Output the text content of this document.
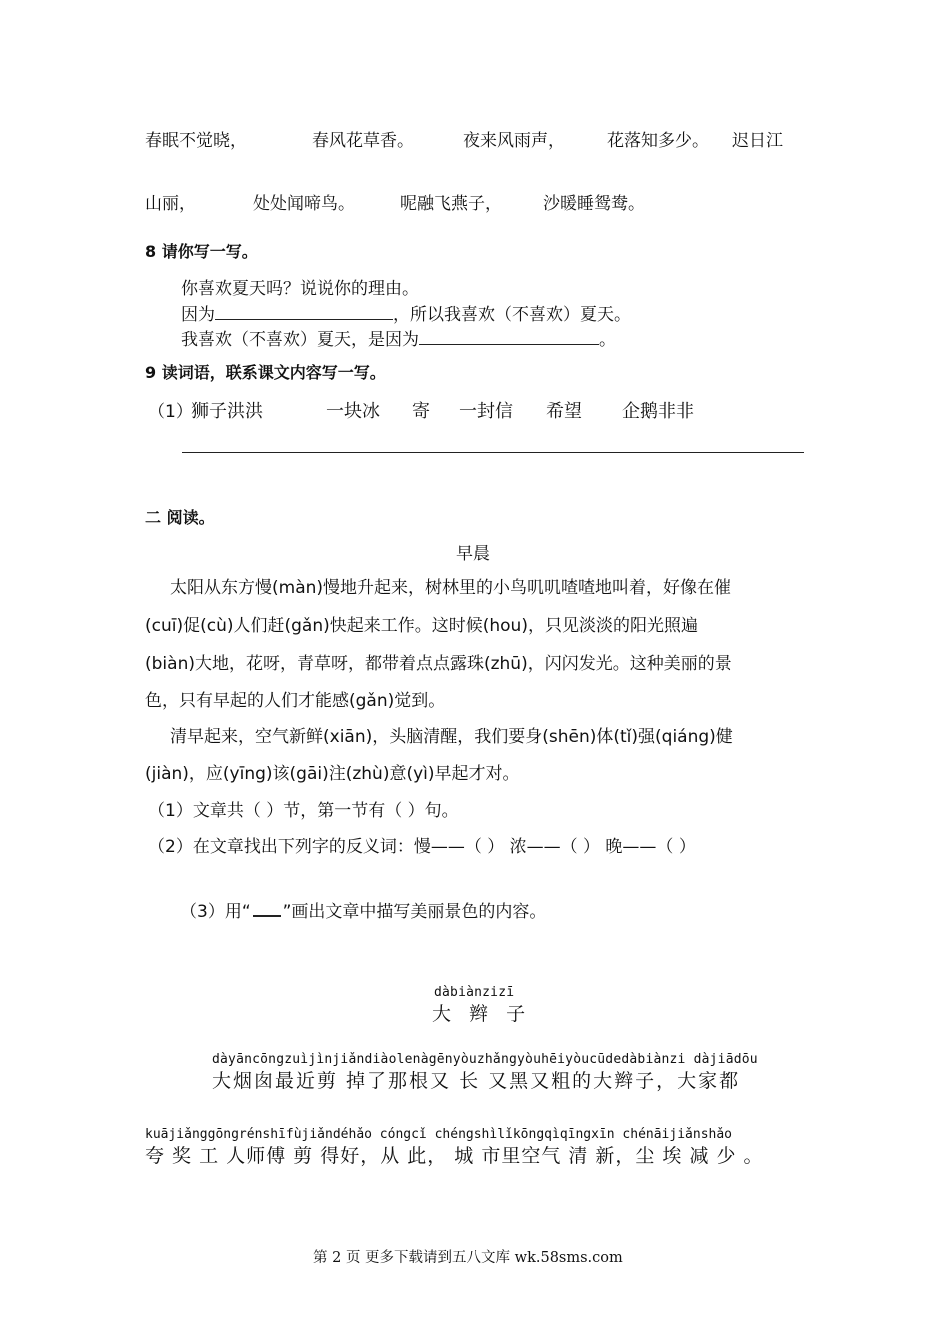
春眠不觉晓，	春风花草香。	夜来风雨声， 花落知多少。 迟日江
山丽，	处处闻啼鸟。	呢融飞燕子， 沙暖睡鸳鸯。
8 请你写一写。
你喜欢夏天吗？说说你的理由。
因为	，所以我喜欢（不喜欢）夏天。
我喜欢（不喜欢）夏天，是因为	。
9 读词语，联系课文内容写一写。
（1）
狮子洪洪	一块冰 寄 一封信 希望 企鹅非非
二 阅读。
早晨
太阳从东方慢(màn)慢地升起来，树林里的小鸟叽叽喳喳地叫着，好像在催
(cuī)促(cù)人们赶(gǎn)快起来工作。这时候(hou)，只见淡淡的阳光照遍
(biàn)大地，花呀，青草呀，都带着点点露珠(zhū)，闪闪发光。这种美丽的景
色，只有早起的人们才能感(gǎn)觉到。
清早起来，空气新鲜(xiān)，头脑清醒，我们要身(shēn)体(tǐ)强(qiáng)健
(jiàn)，应(yīng)该(gāi)注(zhù)意(yì)早起才对。
（1）文章共（ ）节，第一节有（ ）句。
（2）在文章找出下列字的反义词：慢——（ ） 浓——（ ） 晚——（ ）
（3）用“ ”画出文章中描写美丽景色的内容。
dàbiànzizī
大 辫 子
dàyāncōngzuìjìnjiǎndiàolenàgēnyòuzhǎngyòuhēiyòucūdedàbiànzi dàjiādōu
大烟囱最近剪 掉了那根又 长 又黑又粗的大辫子，大家都
kuājiǎnggōngrénshīfùjiǎndéhǎo cóngcǐ chéngshìlǐkōngqìqīngxīn chénāijiǎnshǎo
夸 奖 工 人师傅 剪 得好，从 此， 城 市里空气 清 新，尘 埃 减 少 。
第 2 页 更多下载请到五八文库 wk.58sms.com
